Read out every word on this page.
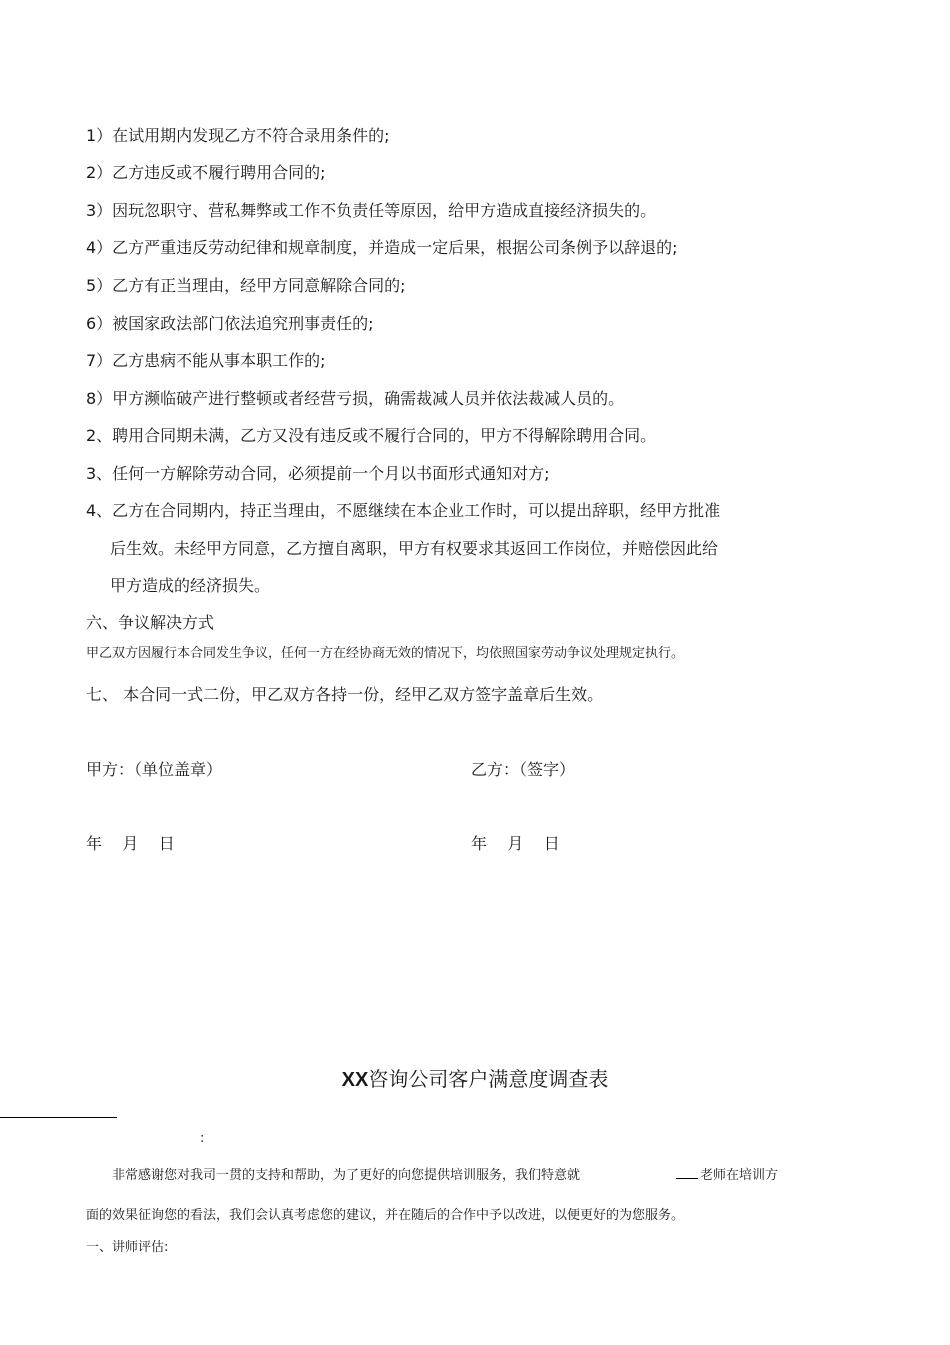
1）在试用期内发现乙方不符合录用条件的;
2）乙方违反或不履行聘用合同的;
3）因玩忽职守、营私舞弊或工作不负责任等原因，给甲方造成直接经济损失的。
4）乙方严重违反劳动纪律和规章制度，并造成一定后果，根据公司条例予以辞退的;
5）乙方有正当理由，经甲方同意解除合同的;
6）被国家政法部门依法追究刑事责任的;
7）乙方患病不能从事本职工作的;
8）甲方濒临破产进行整顿或者经营亏损，确需裁减人员并依法裁减人员的。
2、聘用合同期未满，乙方又没有违反或不履行合同的，甲方不得解除聘用合同。
3、任何一方解除劳动合同，必须提前一个月以书面形式通知对方;
4、乙方在合同期内，持正当理由，不愿继续在本企业工作时，可以提出辞职，经甲方批准
后生效。未经甲方同意，乙方擅自离职，甲方有权要求其返回工作岗位，并赔偿因此给
甲方造成的经济损失。
六、争议解决方式
甲乙双方因履行本合同发生争议，任何一方在经协商无效的情况下，均依照国家劳动争议处理规定执行。
七、 本合同一式二份，甲乙双方各持一份，经甲乙双方签字盖章后生效。
甲方：（单位盖章）	乙方：（签字）
年    月    日	年    月    日
XX咨询公司客户满意度调查表
:
非常感谢您对我司一贯的支持和帮助，为了更好的向您提供培训服务，我们特意就	老师在培训方
面的效果征询您的看法，我们会认真考虑您的建议，并在随后的合作中予以改进，以便更好的为您服务。
一、讲师评估:
